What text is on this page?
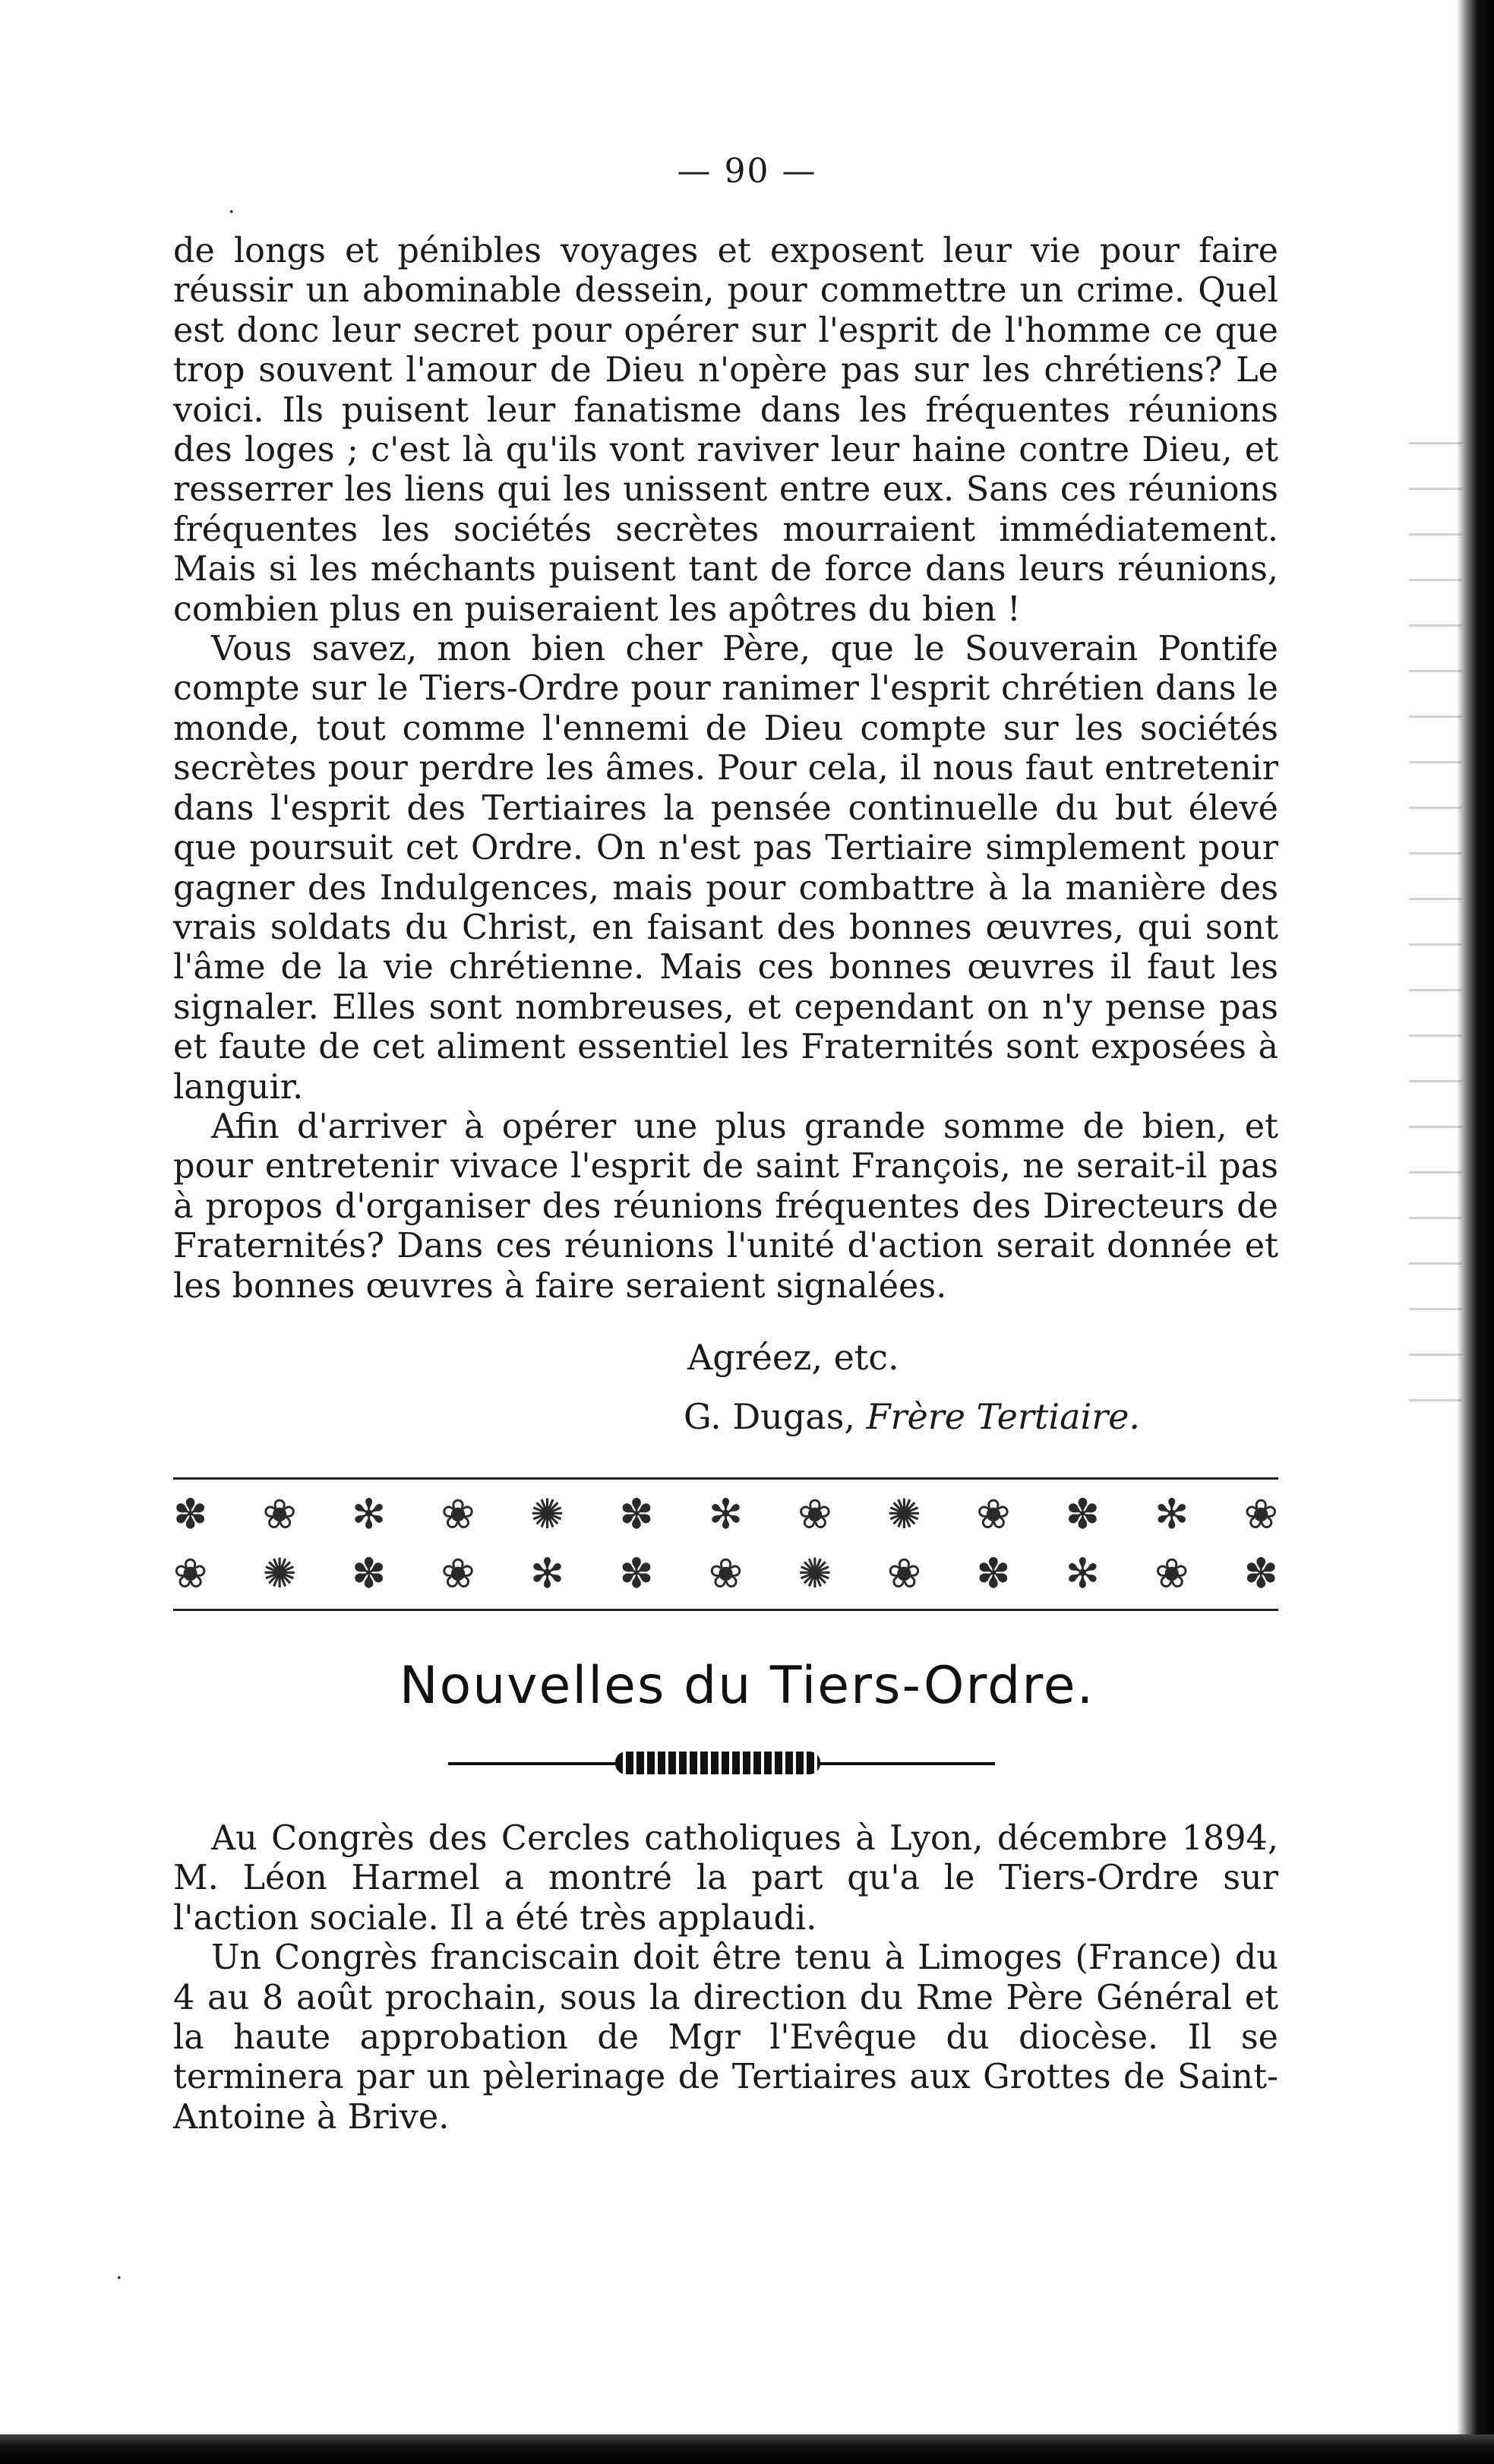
·
·
— 90 —

de longs et pénibles voyages et exposent leur vie pour faire réussir un abominable dessein, pour commettre un crime. Quel est donc leur secret pour opérer sur l'esprit de l'homme ce que trop souvent l'amour de Dieu n'opère pas sur les chrétiens? Le voici. Ils puisent leur fanatisme dans les fréquentes réunions des loges ; c'est là qu'ils vont raviver leur haine contre Dieu, et resserrer les liens qui les unissent entre eux. Sans ces réunions fréquentes les sociétés secrètes mourraient immédiatement. Mais si les méchants puisent tant de force dans leurs réunions, combien plus en puiseraient les apôtres du bien !

Vous savez, mon bien cher Père, que le Souverain Pontife compte sur le Tiers-Ordre pour ranimer l'esprit chrétien dans le monde, tout comme l'ennemi de Dieu compte sur les sociétés secrètes pour perdre les âmes. Pour cela, il nous faut entretenir dans l'esprit des Tertiaires la pensée continuelle du but élevé que poursuit cet Ordre. On n'est pas Tertiaire simplement pour gagner des Indulgences, mais pour combattre à la manière des vrais soldats du Christ, en faisant des bonnes œuvres, qui sont l'âme de la vie chrétienne. Mais ces bonnes œuvres il faut les signaler. Elles sont nombreuses, et cependant on n'y pense pas et faute de cet aliment essentiel les Fraternités sont exposées à languir.

Afin d'arriver à opérer une plus grande somme de bien, et pour entretenir vivace l'esprit de saint François, ne serait-il pas à propos d'organiser des réunions fréquentes des Directeurs de Fraternités? Dans ces réunions l'unité d'action serait donnée et les bonnes œuvres à faire seraient signalées.

Agréez, etc.
G. Dugas, Frère Tertiaire.
✽ ❀ ✻ ❀ ✺ ✽ ✻ ❀ ✺ ❀ ✽ ✻ ❀
❀ ✺ ✽ ❀ ✻ ✽ ❀ ✺ ❀ ✽ ✻ ❀ ✽
Nouvelles du Tiers-Ordre.

Au Congrès des Cercles catholiques à Lyon, décembre 1894, M. Léon Harmel a montré la part qu'a le Tiers-Ordre sur l'action sociale. Il a été très applaudi.

Un Congrès franciscain doit être tenu à Limoges (France) du 4 au 8 août prochain, sous la direction du Rme Père Général et la haute approbation de Mgr l'Evêque du diocèse. Il se terminera par un pèlerinage de Tertiaires aux Grottes de Saint-Antoine à Brive.
